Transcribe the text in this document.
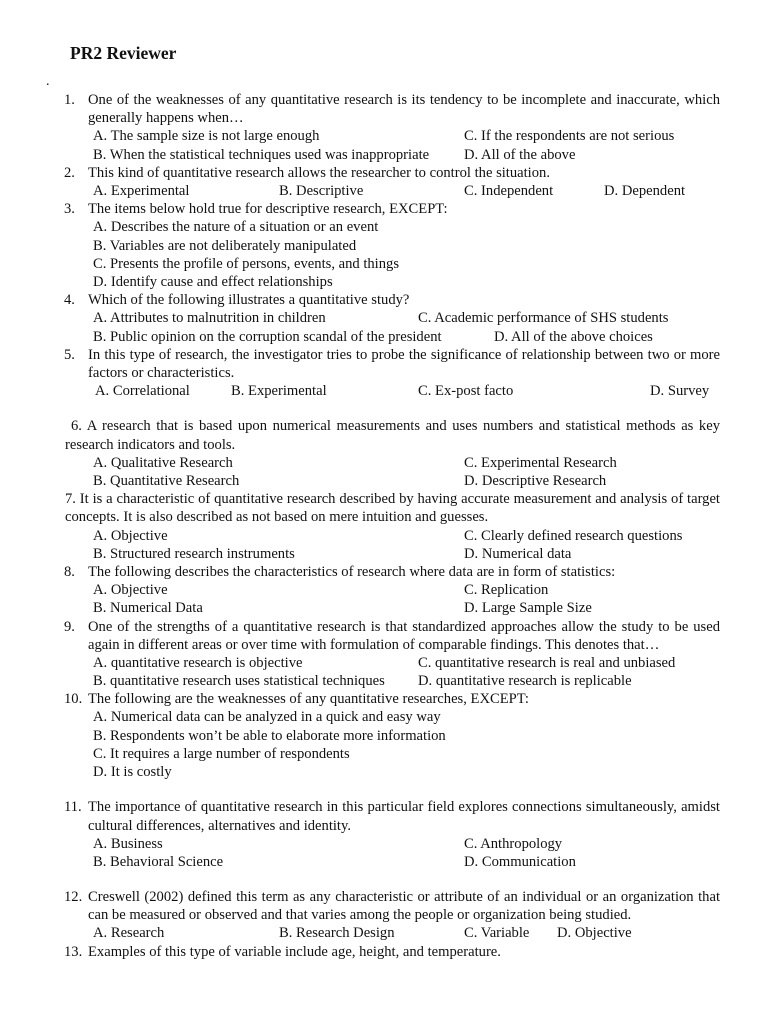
PR2 Reviewer
.
1. One of the weaknesses of any quantitative research is its tendency to be incomplete and inaccurate, which generally happens when…
A. The sample size is not large enough	C. If the respondents are not serious
B. When the statistical techniques used was inappropriate D. All of the above
2. This kind of quantitative research allows the researcher to control the situation.
A. Experimental	B. Descriptive	C. Independent	D. Dependent
3. The items below hold true for descriptive research, EXCEPT:
A. Describes the nature of a situation or an event
B. Variables are not deliberately manipulated
C. Presents the profile of persons, events, and things
D. Identify cause and effect relationships
4. Which of the following illustrates a quantitative study?
A. Attributes to malnutrition in children	C. Academic performance of SHS students
B. Public opinion on the corruption scandal of the president	D. All of the above choices
5. In this type of research, the investigator tries to probe the significance of relationship between two or more factors or characteristics.
A. Correlational	B. Experimental	C. Ex-post facto	D. Survey
6. A research that is based upon numerical measurements and uses numbers and statistical methods as key research indicators and tools.
A. Qualitative Research	C. Experimental Research
B. Quantitative Research	D. Descriptive Research
7. It is a characteristic of quantitative research described by having accurate measurement and analysis of target concepts. It is also described as not based on mere intuition and guesses.
A. Objective	C. Clearly defined research questions
B. Structured research instruments	D. Numerical data
8. The following describes the characteristics of research where data are in form of statistics:
A. Objective	C. Replication
B. Numerical Data	D. Large Sample Size
9. One of the strengths of a quantitative research is that standardized approaches allow the study to be used again in different areas or over time with formulation of comparable findings. This denotes that…
A. quantitative research is objective	C. quantitative research is real and unbiased
B. quantitative research uses statistical techniques D. quantitative research is replicable
10. The following are the weaknesses of any quantitative researches, EXCEPT:
A. Numerical data can be analyzed in a quick and easy way
B. Respondents won’t be able to elaborate more information
C. It requires a large number of respondents
D. It is costly
11. The importance of quantitative research in this particular field explores connections simultaneously, amidst cultural differences, alternatives and identity.
A. Business	C. Anthropology
B. Behavioral Science	D. Communication
12. Creswell (2002) defined this term as any characteristic or attribute of an individual or an organization that can be measured or observed and that varies among the people or organization being studied.
A. Research	B. Research Design	C. Variable D. Objective
13. Examples of this type of variable include age, height, and temperature.
